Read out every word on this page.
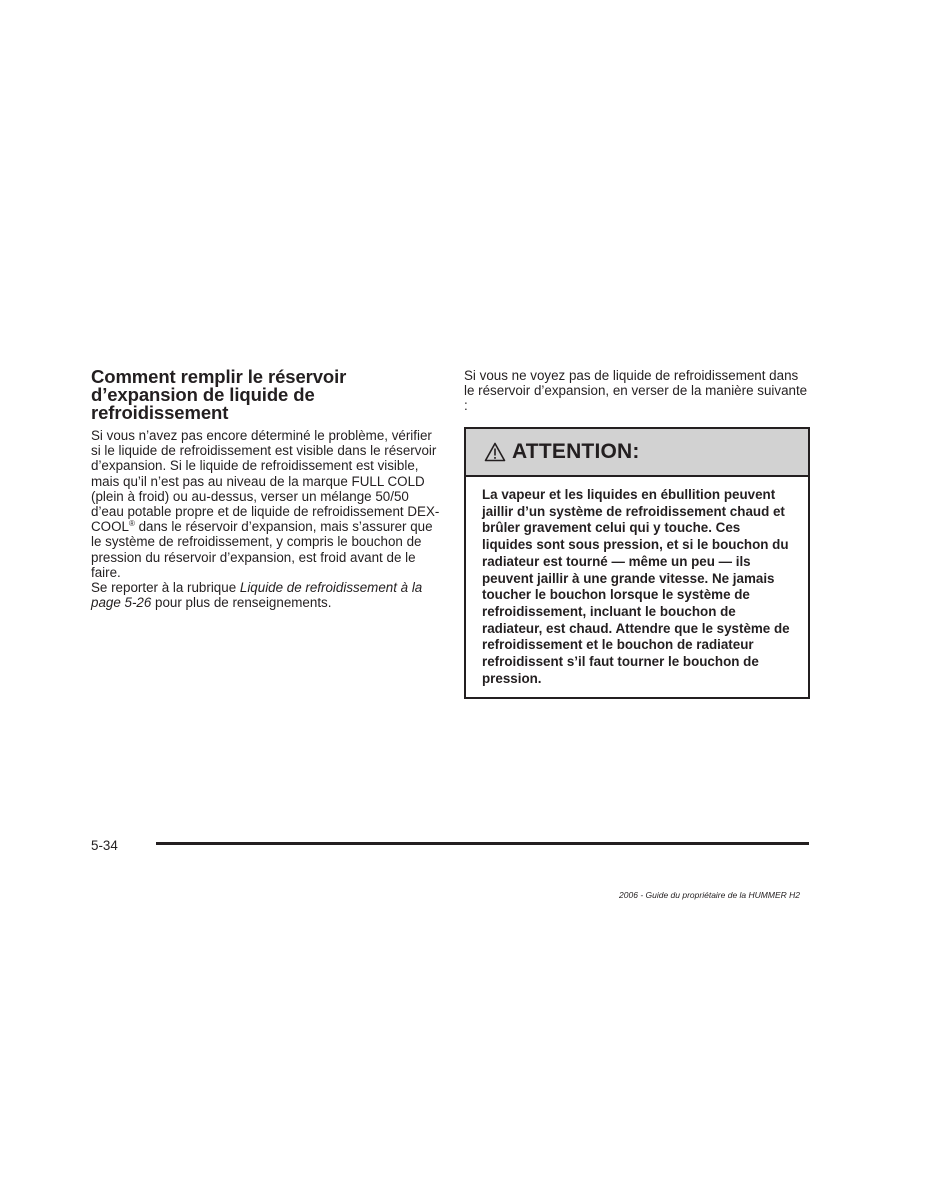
Comment remplir le réservoir d’expansion de liquide de refroidissement

Si vous n’avez pas encore déterminé le problème, vérifier si le liquide de refroidissement est visible dans le réservoir d’expansion. Si le liquide de refroidissement est visible, mais qu’il n’est pas au niveau de la marque FULL COLD (plein à froid) ou au-dessus, verser un mélange 50/50 d’eau potable propre et de liquide de refroidissement DEX-COOL® dans le réservoir d’expansion, mais s’assurer que le système de refroidissement, y compris le bouchon de pression du réservoir d’expansion, est froid avant de le faire.

Se reporter à la rubrique Liquide de refroidissement à la page 5-26 pour plus de renseignements.

Si vous ne voyez pas de liquide de refroidissement dans le réservoir d’expansion, en verser de la manière suivante :

ATTENTION:
La vapeur et les liquides en ébullition peuvent jaillir d’un système de refroidissement chaud et brûler gravement celui qui y touche. Ces liquides sont sous pression, et si le bouchon du radiateur est tourné — même un peu — ils peuvent jaillir à une grande vitesse. Ne jamais toucher le bouchon lorsque le système de refroidissement, incluant le bouchon de radiateur, est chaud. Attendre que le système de refroidissement et le bouchon de radiateur refroidissent s’il faut tourner le bouchon de pression.
5-34
2006 - Guide du propriétaire de la HUMMER H2
